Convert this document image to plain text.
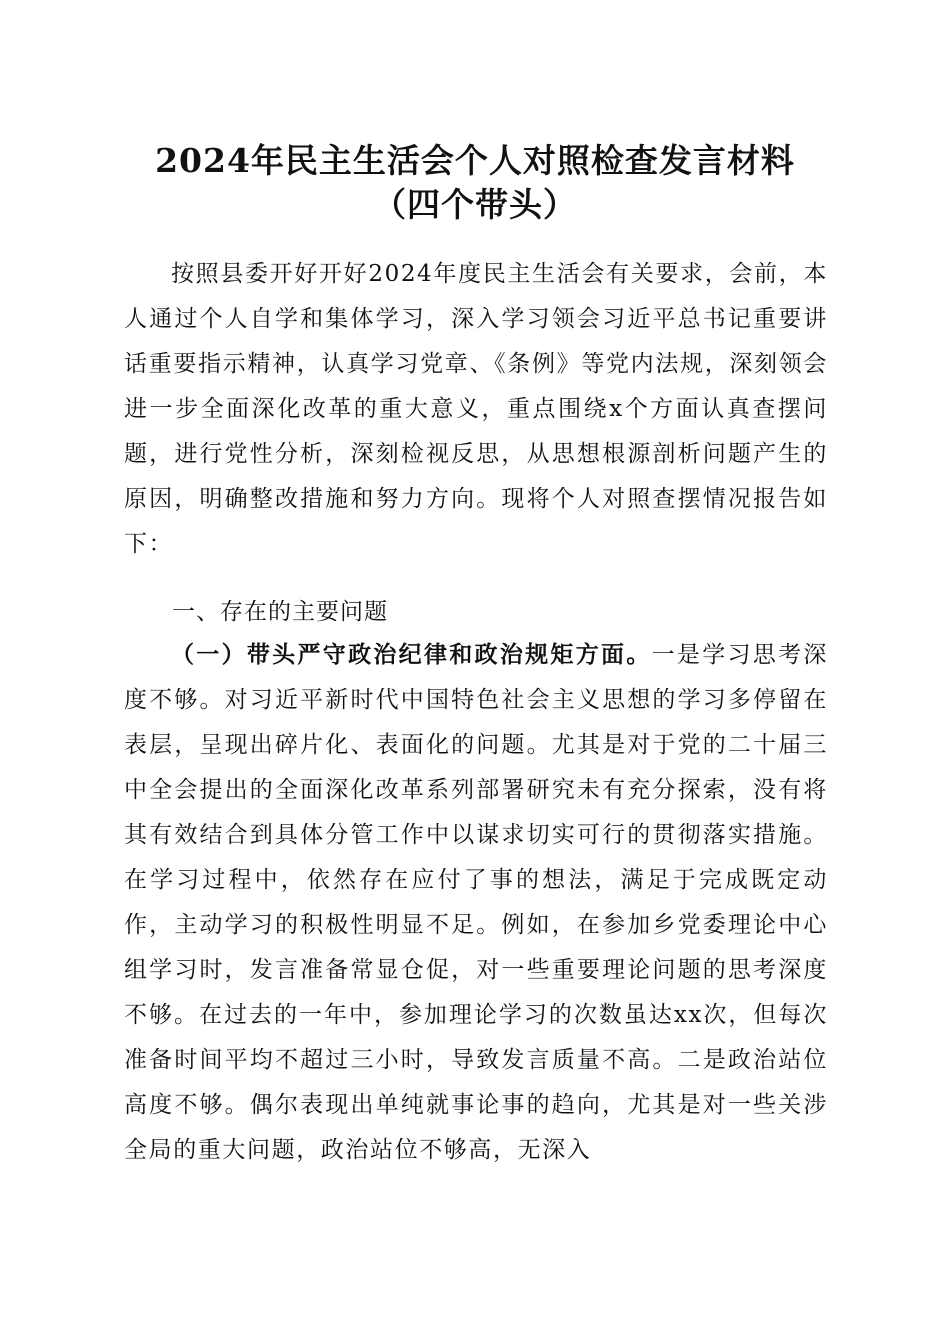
2024年民主生活会个人对照检查发言材料
（四个带头）
按照县委开好开好2024年度民主生活会有关要求，会前，本人通过个人自学和集体学习，深入学习领会习近平总书记重要讲话重要指示精神，认真学习党章、《条例》等党内法规，深刻领会进一步全面深化改革的重大意义，重点围绕x个方面认真查摆问题，进行党性分析，深刻检视反思，从思想根源剖析问题产生的原因，明确整改措施和努力方向。现将个人对照查摆情况报告如下：
一、存在的主要问题
（一）带头严守政治纪律和政治规矩方面。一是学习思考深度不够。对习近平新时代中国特色社会主义思想的学习多停留在表层，呈现出碎片化、表面化的问题。尤其是对于党的二十届三中全会提出的全面深化改革系列部署研究未有充分探索，没有将其有效结合到具体分管工作中以谋求切实可行的贯彻落实措施。在学习过程中，依然存在应付了事的想法，满足于完成既定动作，主动学习的积极性明显不足。例如，在参加乡党委理论中心组学习时，发言准备常显仓促，对一些重要理论问题的思考深度不够。在过去的一年中，参加理论学习的次数虽达xx次，但每次准备时间平均不超过三小时，导致发言质量不高。二是政治站位高度不够。偶尔表现出单纯就事论事的趋向，尤其是对一些关涉全局的重大问题，政治站位不够高，无深入
